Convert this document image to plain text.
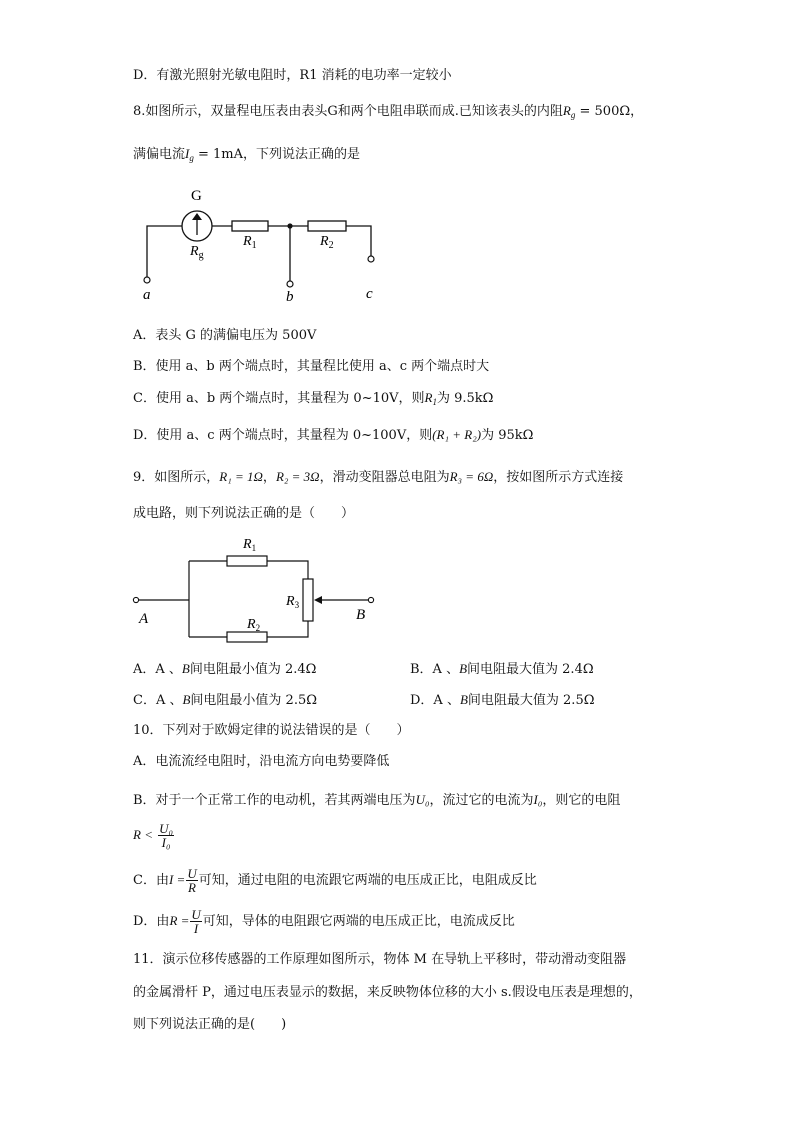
D．有激光照射光敏电阻时，R1 消耗的电功率一定较小
8.如图所示，双量程电压表由表头G和两个电阻串联而成.已知该表头的内阻$R_g = 500\Omega$，
满偏电流$I_g = 1mA$，下列说法正确的是
G
$R_g$
$R_1$	$R_2$
a	b	c
A．表头 G 的满偏电压为 500V
B．使用 a、b 两个端点时，其量程比使用 a、c 两个端点时大
C．使用 a、b 两个端点时，其量程为 0~10V，则$R_1$为 9.5kΩ
D．使用 a、c 两个端点时，其量程为 0~100V，则(R₁ + R₂)为 95kΩ
9．如图所示，R₁ = 1Ω，R₂ = 3Ω，滑动变阻器总电阻为R₃ = 6Ω，按如图所示方式连接
成电路，则下列说法正确的是（　　）
$R_1$
$R_2$
$R_3$
A	B
A．A 、B间电阻最小值为 2.4Ω	B．A 、B间电阻最大值为 2.4Ω
C．A 、B间电阻最小值为 2.5Ω	D．A 、B间电阻最大值为 2.5Ω
10．下列对于欧姆定律的说法错误的是（　　）
A．电流流经电阻时，沿电流方向电势要降低
B．对于一个正常工作的电动机，若其两端电压为U₀，流过它的电流为I₀，则它的电阻
$R < \frac{\text{U₀}}{\text{I₀}}$
C．由$I = \frac{U}{R}$ 可知，通过电阻的电流跟它两端的电压成正比，电阻成反比
D．由$R = \frac{U}{I}$ 可知，导体的电阻跟它两端的电压成正比，电流成反比
11．演示位移传感器的工作原理如图所示，物体 M 在导轨上平移时，带动滑动变阻器
的金属滑杆 P，通过电压表显示的数据，来反映物体位移的大小 s.假设电压表是理想的，
则下列说法正确的是(　　)
